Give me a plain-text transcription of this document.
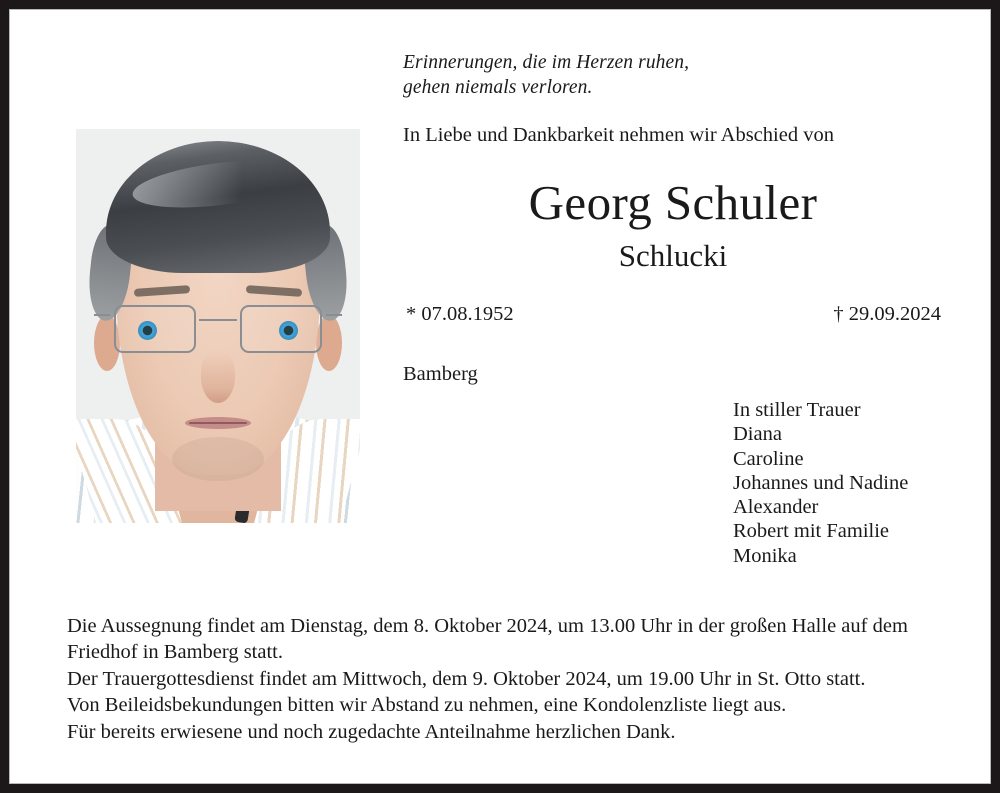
Erinnerungen, die im Herzen ruhen,
gehen niemals verloren.
In Liebe und Dankbarkeit nehmen wir Abschied von
Georg Schuler
Schlucki
* 07.08.1952	† 29.09.2024
Bamberg
In stiller Trauer
Diana
Caroline
Johannes und Nadine
Alexander
Robert mit Familie
Monika

Die Aussegnung findet am Dienstag, dem 8. Oktober 2024, um 13.00 Uhr in der großen Halle auf dem Friedhof in Bamberg statt.

Der Trauergottesdienst findet am Mittwoch, dem 9. Oktober 2024, um 19.00 Uhr in St. Otto statt.

Von Beileidsbekundungen bitten wir Abstand zu nehmen, eine Kondolenzliste liegt aus.

Für bereits erwiesene und noch zugedachte Anteilnahme herzlichen Dank.
